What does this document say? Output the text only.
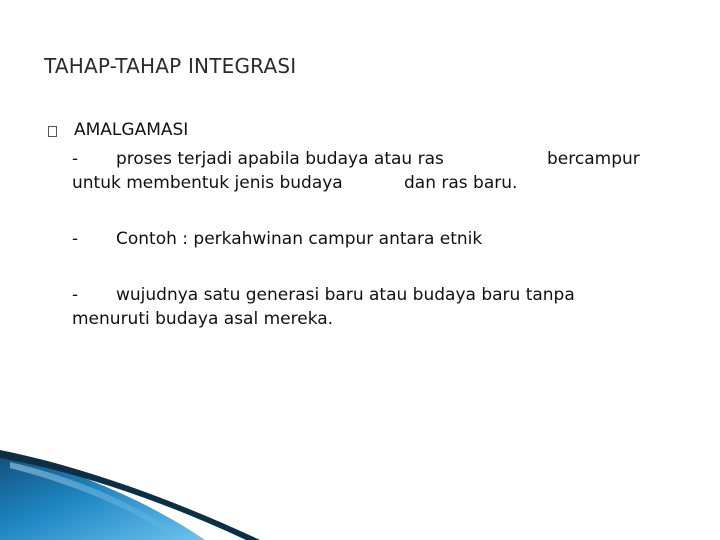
TAHAP-TAHAP INTEGRASI
AMALGAMASI
- proses terjadi apabila budaya atau ras	bercampur
untuk membentuk jenis budaya	dan ras baru.
- Contoh : perkahwinan campur antara etnik
- wujudnya satu generasi baru atau budaya baru tanpa
menuruti budaya asal mereka.
